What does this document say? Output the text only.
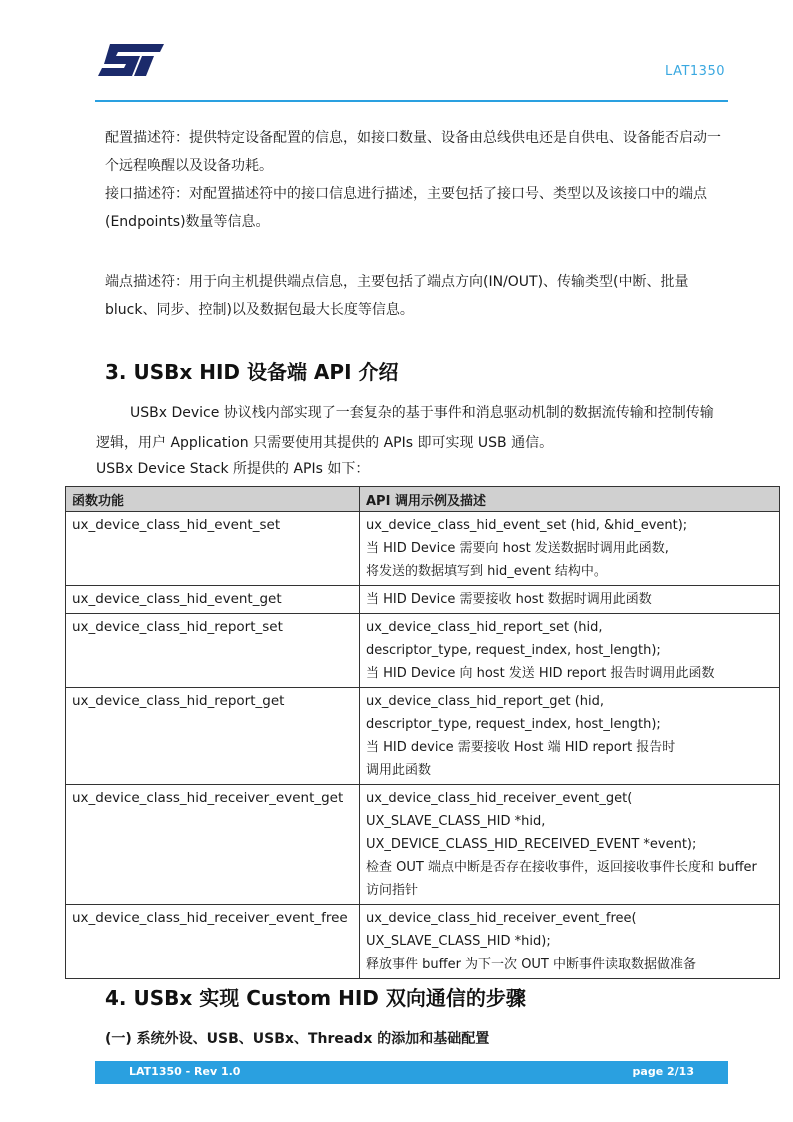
LAT1350
配置描述符：提供特定设备配置的信息，如接口数量、设备由总线供电还是自供电、设备能否启动一个远程唤醒以及设备功耗。
接口描述符：对配置描述符中的接口信息进行描述，主要包括了接口号、类型以及该接口中的端点(Endpoints)数量等信息。
端点描述符：用于向主机提供端点信息，主要包括了端点方向(IN/OUT)、传输类型(中断、批量bluck、同步、控制)以及数据包最大长度等信息。
3. USBx HID 设备端 API 介绍
USBx Device 协议栈内部实现了一套复杂的基于事件和消息驱动机制的数据流传输和控制传输逻辑，用户 Application 只需要使用其提供的 APIs 即可实现 USB 通信。
USBx Device Stack 所提供的 APIs 如下：
函数功能	API 调用示例及描述
ux_device_class_hid_event_set	ux_device_class_hid_event_set (hid, &hid_event);
当 HID Device 需要向 host 发送数据时调用此函数,
将发送的数据填写到 hid_event 结构中。

ux_device_class_hid_event_get	当 HID Device 需要接收 host 数据时调用此函数

ux_device_class_hid_report_set	ux_device_class_hid_report_set (hid,
descriptor_type, request_index, host_length);
当 HID Device 向 host 发送 HID report 报告时调用此函数

ux_device_class_hid_report_get	ux_device_class_hid_report_get (hid,
descriptor_type, request_index, host_length);
当 HID device 需要接收 Host 端 HID report 报告时
调用此函数

ux_device_class_hid_receiver_event_get	ux_device_class_hid_receiver_event_get(
UX_SLAVE_CLASS_HID *hid,
UX_DEVICE_CLASS_HID_RECEIVED_EVENT *event);
检查 OUT 端点中断是否存在接收事件，返回接收事件长度和 buffer
访问指针

ux_device_class_hid_receiver_event_free	ux_device_class_hid_receiver_event_free(
UX_SLAVE_CLASS_HID *hid);
释放事件 buffer 为下一次 OUT 中断事件读取数据做准备
4. USBx 实现 Custom HID 双向通信的步骤
(一) 系统外设、USB、USBx、Threadx 的添加和基础配置
LAT1350 - Rev 1.0	page 2/13
